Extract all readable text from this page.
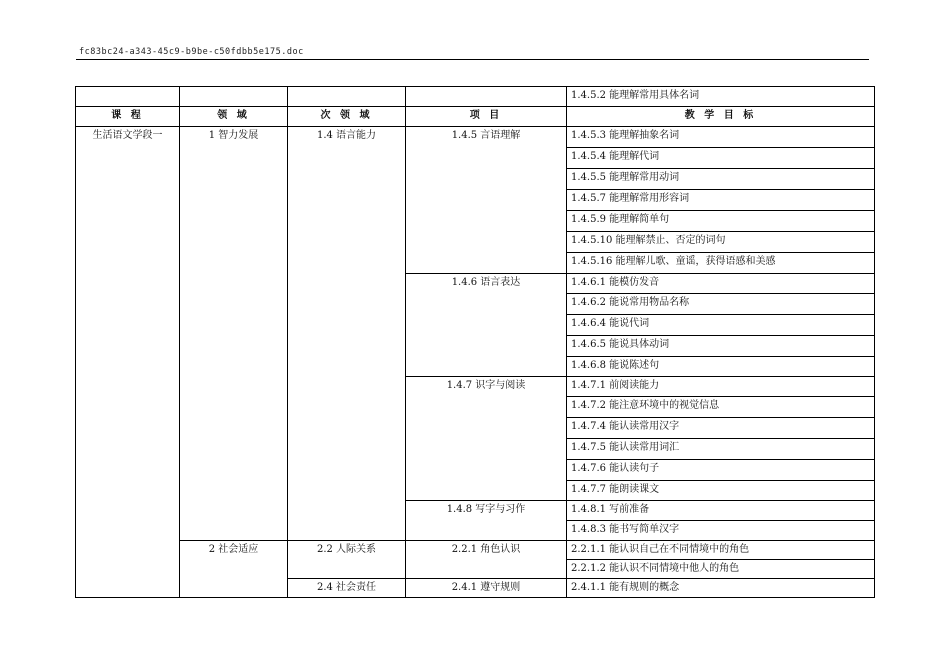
fc83bc24-a343-45c9-b9be-c50fdbb5e175.doc
				1.4.5.2 能理解常用具体名词
课 程	领 域	次 领 域	项 目	教 学 目 标
生活语文学段一	1 智力发展	1.4 语言能力	1.4.5 言语理解	1.4.5.3 能理解抽象名词
				1.4.5.4 能理解代词
				1.4.5.5 能理解常用动词
				1.4.5.7 能理解常用形容词
				1.4.5.9 能理解简单句
				1.4.5.10 能理解禁止、否定的词句
				1.4.5.16 能理解儿歌、童谣，获得语感和美感
			1.4.6 语言表达	1.4.6.1 能模仿发音
				1.4.6.2 能说常用物品名称
				1.4.6.4 能说代词
				1.4.6.5 能说具体动词
				1.4.6.8 能说陈述句
			1.4.7 识字与阅读	1.4.7.1 前阅读能力
				1.4.7.2 能注意环境中的视觉信息
				1.4.7.4 能认读常用汉字
				1.4.7.5 能认读常用词汇
				1.4.7.6 能认读句子
				1.4.7.7 能朗读课文
			1.4.8 写字与习作	1.4.8.1 写前准备
				1.4.8.3 能书写简单汉字
	2 社会适应	2.2 人际关系	2.2.1 角色认识	2.2.1.1 能认识自己在不同情境中的角色
				2.2.1.2 能认识不同情境中他人的角色
		2.4 社会责任	2.4.1 遵守规则	2.4.1.1 能有规则的概念
